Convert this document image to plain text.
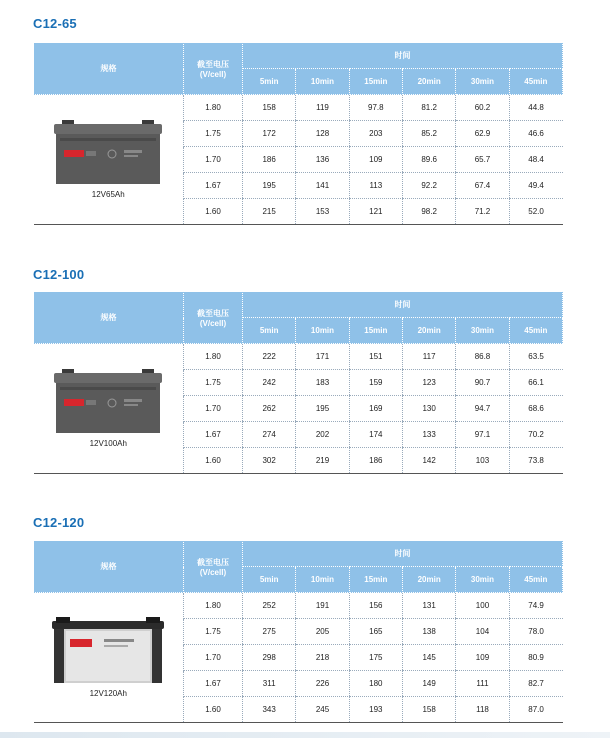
C12-65
规格	截至电压
(V/cell)	时间					
		5min	10min	15min	20min	30min	45min

12V65Ah	1.80	158	119	97.8	81.2	60.2	44.8
	1.75	172	128	203	85.2	62.9	46.6
	1.70	186	136	109	89.6	65.7	48.4
	1.67	195	141	113	92.2	67.4	49.4
	1.60	215	153	121	98.2	71.2	52.0
C12-100
规格	截至电压
(V/cell)	时间					
		5min	10min	15min	20min	30min	45min

12V100Ah	1.80	222	171	151	117	86.8	63.5
	1.75	242	183	159	123	90.7	66.1
	1.70	262	195	169	130	94.7	68.6
	1.67	274	202	174	133	97.1	70.2
	1.60	302	219	186	142	103	73.8
C12-120
规格	截至电压
(V/cell)	时间					
		5min	10min	15min	20min	30min	45min

12V120Ah	1.80	252	191	156	131	100	74.9
	1.75	275	205	165	138	104	78.0
	1.70	298	218	175	145	109	80.9
	1.67	311	226	180	149	111	82.7
	1.60	343	245	193	158	118	87.0
